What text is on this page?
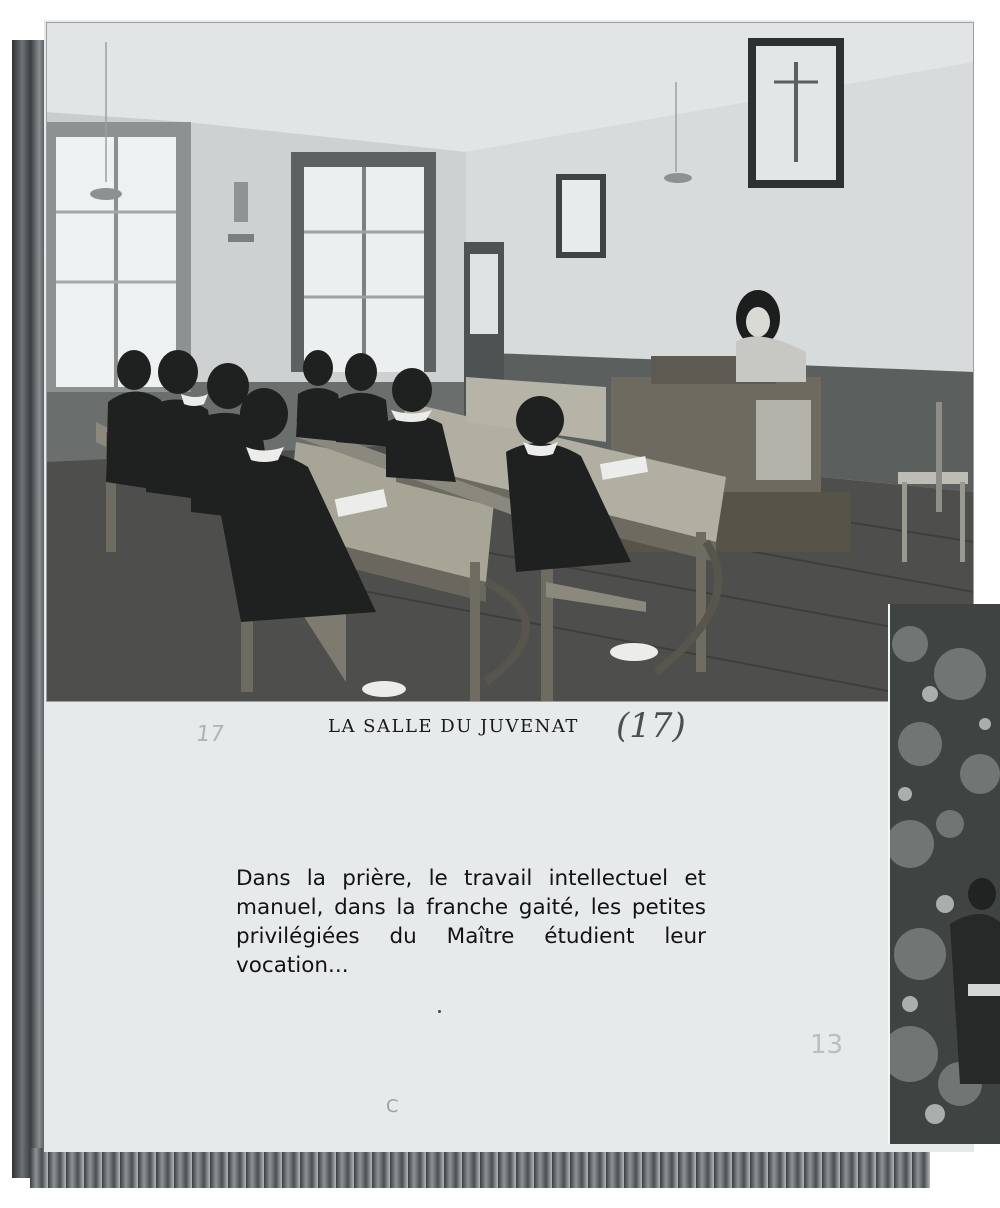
LA SALLE DU JUVENAT (17)
17

Dans la prière, le travail intellectuel et manuel, dans la franche gaité, les petites privilégiées du Maître étudient leur vocation...

13
C
